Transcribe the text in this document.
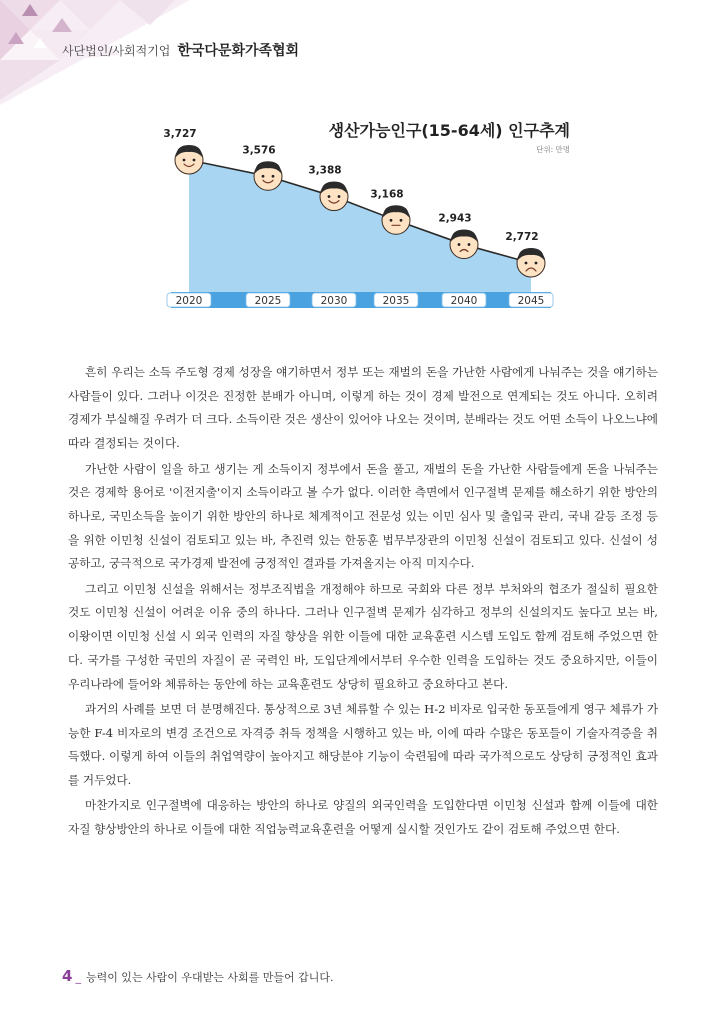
사단법인/사회적기업 한국다문화가족협회
생산가능인구(15-64세) 인구추계
단위: 만명
3,727
2020
3,576
2025
3,388
2030
3,168
2035
2,943
2040
2,772
2045

흔히 우리는 소득 주도형 경제 성장을 얘기하면서 정부 또는 재벌의 돈을 가난한 사람에게 나눠주는 것을 얘기하는 사람들이 있다. 그러나 이것은 진정한 분배가 아니며, 이렇게 하는 것이 경제 발전으로 연계되는 것도 아니다. 오히려 경제가 부실해질 우려가 더 크다. 소득이란 것은 생산이 있어야 나오는 것이며, 분배라는 것도 어떤 소득이 나오느냐에 따라 결정되는 것이다.

가난한 사람이 일을 하고 생기는 게 소득이지 정부에서 돈을 풀고, 재벌의 돈을 가난한 사람들에게 돈을 나눠주는 것은 경제학 용어로 '이전지출'이지 소득이라고 볼 수가 없다. 이러한 측면에서 인구절벽 문제를 해소하기 위한 방안의 하나로, 국민소득을 높이기 위한 방안의 하나로 체계적이고 전문성 있는 이민 심사 및 출입국 관리, 국내 갈등 조정 등을 위한 이민청 신설이 검토되고 있는 바, 추진력 있는 한동훈 법무부장관의 이민청 신설이 검토되고 있다. 신설이 성공하고, 궁극적으로 국가경제 발전에 긍정적인 결과를 가져올지는 아직 미지수다.

그리고 이민청 신설을 위해서는 정부조직법을 개정해야 하므로 국회와 다른 정부 부처와의 협조가 절실히 필요한 것도 이민청 신설이 어려운 이유 중의 하나다. 그러나 인구절벽 문제가 심각하고 정부의 신설의지도 높다고 보는 바, 이왕이면 이민청 신설 시 외국 인력의 자질 향상을 위한 이들에 대한 교육훈련 시스템 도입도 함께 검토해 주었으면 한다. 국가를 구성한 국민의 자질이 곧 국력인 바, 도입단계에서부터 우수한 인력을 도입하는 것도 중요하지만, 이들이 우리나라에 들어와 체류하는 동안에 하는 교육훈련도 상당히 필요하고 중요하다고 본다.

과거의 사례를 보면 더 분명해진다. 통상적으로 3년 체류할 수 있는 H-2 비자로 입국한 동포들에게 영구 체류가 가능한 F-4 비자로의 변경 조건으로 자격증 취득 정책을 시행하고 있는 바, 이에 따라 수많은 동포들이 기술자격증을 취득했다. 이렇게 하여 이들의 취업역량이 높아지고 해당분야 기능이 숙련됨에 따라 국가적으로도 상당히 긍정적인 효과를 거두었다.

마찬가지로 인구절벽에 대응하는 방안의 하나로 양질의 외국인력을 도입한다면 이민청 신설과 함께 이들에 대한 자질 향상방안의 하나로 이들에 대한 직업능력교육훈련을 어떻게 실시할 것인가도 같이 검토해 주었으면 한다.

4 _ 능력이 있는 사람이 우대받는 사회를 만들어 갑니다.
